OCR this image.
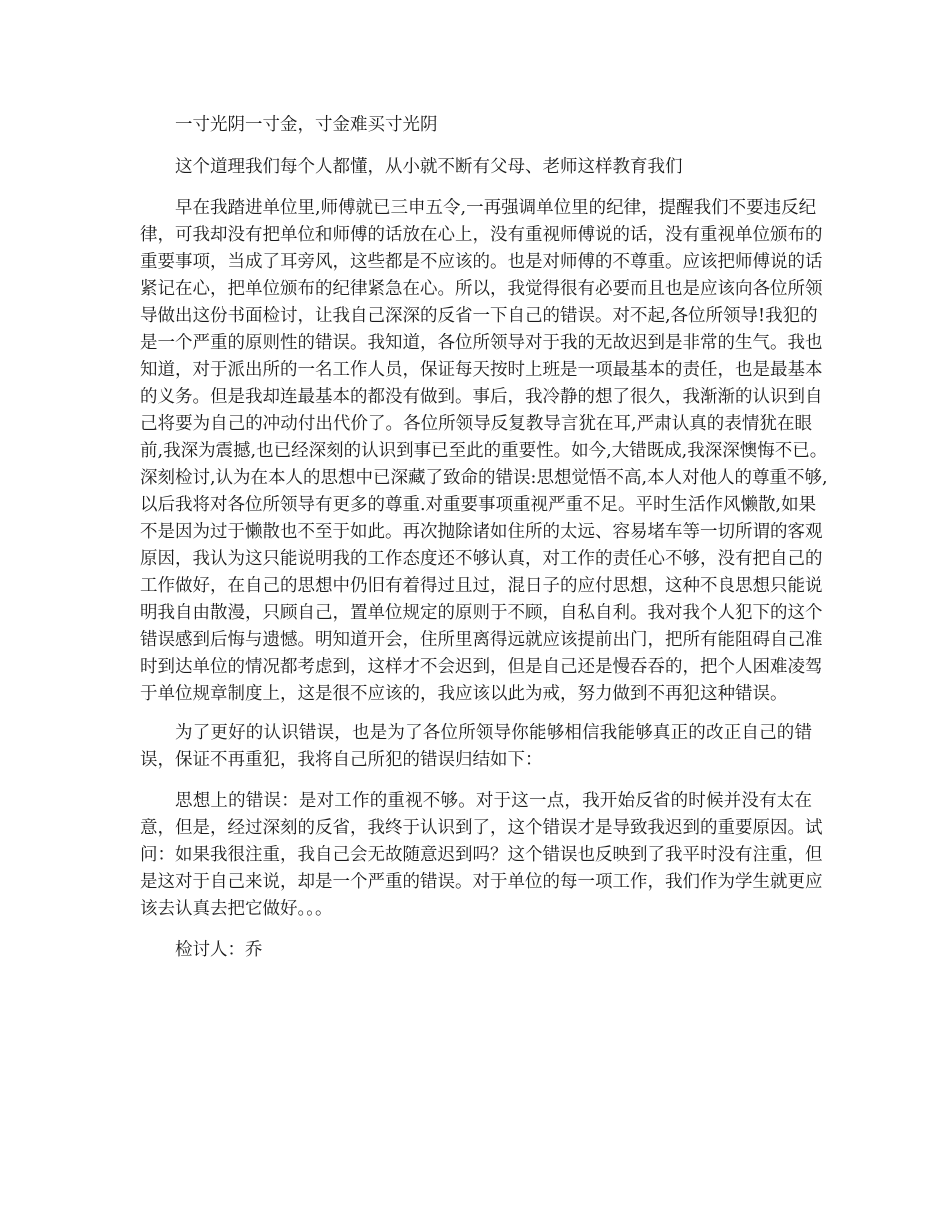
一寸光阴一寸金，寸金难买寸光阴
这个道理我们每个人都懂，从小就不断有父母、老师这样教育我们
早在我踏进单位里,师傅就已三申五令,一再强调单位里的纪律，提醒我们不要违反纪
律，可我却没有把单位和师傅的话放在心上，没有重视师傅说的话，没有重视单位颁布的
重要事项，当成了耳旁风，这些都是不应该的。也是对师傅的不尊重。应该把师傅说的话
紧记在心，把单位颁布的纪律紧急在心。所以，我觉得很有必要而且也是应该向各位所领
导做出这份书面检讨，让我自己深深的反省一下自己的错误。对不起,各位所领导!我犯的
是一个严重的原则性的错误。我知道，各位所领导对于我的无故迟到是非常的生气。我也
知道，对于派出所的一名工作人员，保证每天按时上班是一项最基本的责任，也是最基本
的义务。但是我却连最基本的都没有做到。事后，我冷静的想了很久，我渐渐的认识到自
己将要为自己的冲动付出代价了。各位所领导反复教导言犹在耳,严肃认真的表情犹在眼
前,我深为震撼,也已经深刻的认识到事已至此的重要性。如今,大错既成,我深深懊悔不已。
深刻检讨,认为在本人的思想中已深藏了致命的错误:思想觉悟不高,本人对他人的尊重不够,
以后我将对各位所领导有更多的尊重.对重要事项重视严重不足。平时生活作风懒散,如果
不是因为过于懒散也不至于如此。再次抛除诸如住所的太远、容易堵车等一切所谓的客观
原因，我认为这只能说明我的工作态度还不够认真，对工作的责任心不够，没有把自己的
工作做好，在自己的思想中仍旧有着得过且过，混日子的应付思想，这种不良思想只能说
明我自由散漫，只顾自己，置单位规定的原则于不顾，自私自利。我对我个人犯下的这个
错误感到后悔与遗憾。明知道开会，住所里离得远就应该提前出门，把所有能阻碍自己准
时到达单位的情况都考虑到，这样才不会迟到，但是自己还是慢吞吞的，把个人困难凌驾
于单位规章制度上，这是很不应该的，我应该以此为戒，努力做到不再犯这种错误。
为了更好的认识错误，也是为了各位所领导你能够相信我能够真正的改正自己的错
误，保证不再重犯，我将自己所犯的错误归结如下：
思想上的错误：是对工作的重视不够。对于这一点，我开始反省的时候并没有太在
意，但是，经过深刻的反省，我终于认识到了，这个错误才是导致我迟到的重要原因。试
问：如果我很注重，我自己会无故随意迟到吗？这个错误也反映到了我平时没有注重，但
是这对于自己来说，却是一个严重的错误。对于单位的每一项工作，我们作为学生就更应
该去认真去把它做好。。。
检讨人：乔
